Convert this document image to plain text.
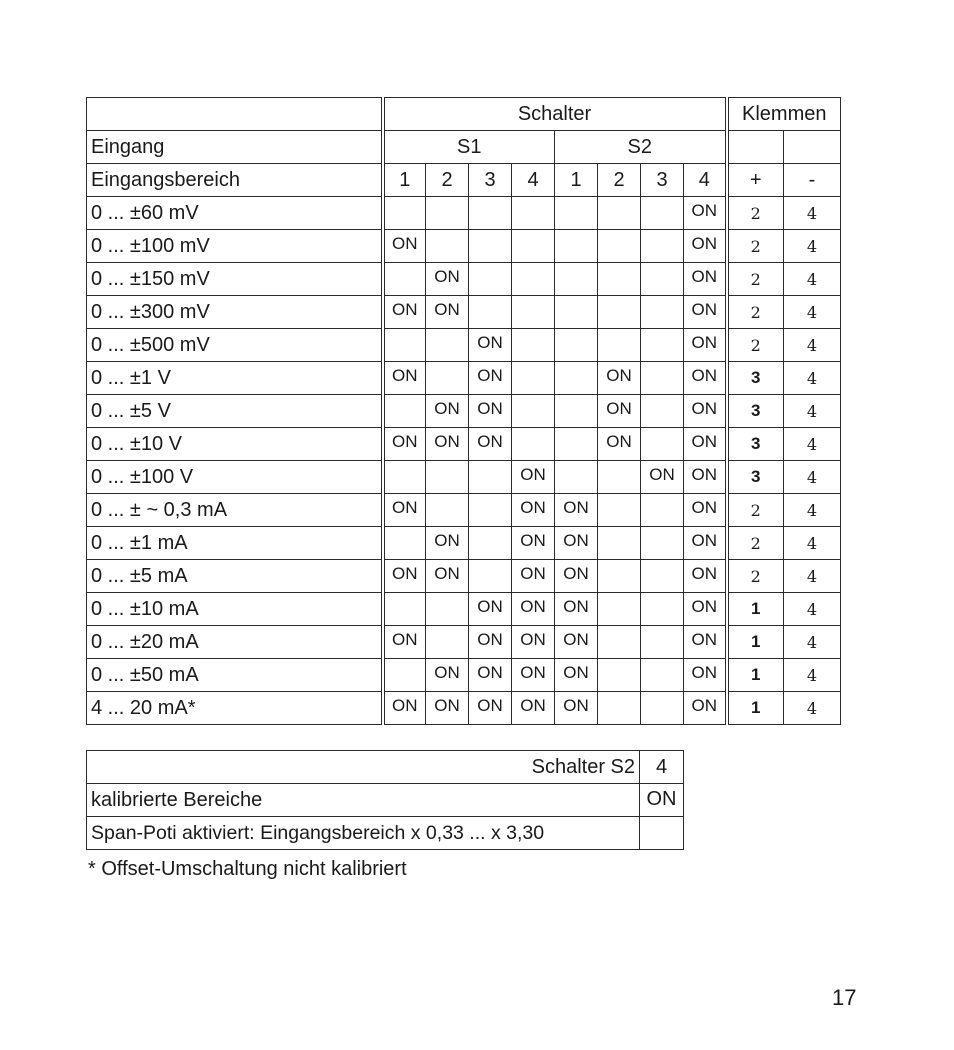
	Schalter								Klemmen	
Eingang	S1				S2					
Eingangsbereich	1	2	3	4	1	2	3	4	+	-
0 ... ±60 mV								ON	2	4
0 ... ±100 mV	ON							ON	2	4
0 ... ±150 mV		ON						ON	2	4
0 ... ±300 mV	ON	ON						ON	2	4
0 ... ±500 mV			ON					ON	2	4
0 ... ±1 V	ON		ON			ON		ON	3	4
0 ... ±5 V		ON	ON			ON		ON	3	4
0 ... ±10 V	ON	ON	ON			ON		ON	3	4
0 ... ±100 V				ON			ON	ON	3	4
0 ... ± ~ 0,3 mA	ON			ON	ON			ON	2	4
0 ... ±1 mA		ON		ON	ON			ON	2	4
0 ... ±5 mA	ON	ON		ON	ON			ON	2	4
0 ... ±10 mA			ON	ON	ON			ON	1	4
0 ... ±20 mA	ON		ON	ON	ON			ON	1	4
0 ... ±50 mA		ON	ON	ON	ON			ON	1	4
4 ... 20 mA*	ON	ON	ON	ON	ON			ON	1	4
Schalter S2	4
kalibrierte Bereiche	ON
Span-Poti aktiviert: Eingangsbereich x 0,33 ... x 3,30	
* Offset-Umschaltung nicht kalibriert
17
